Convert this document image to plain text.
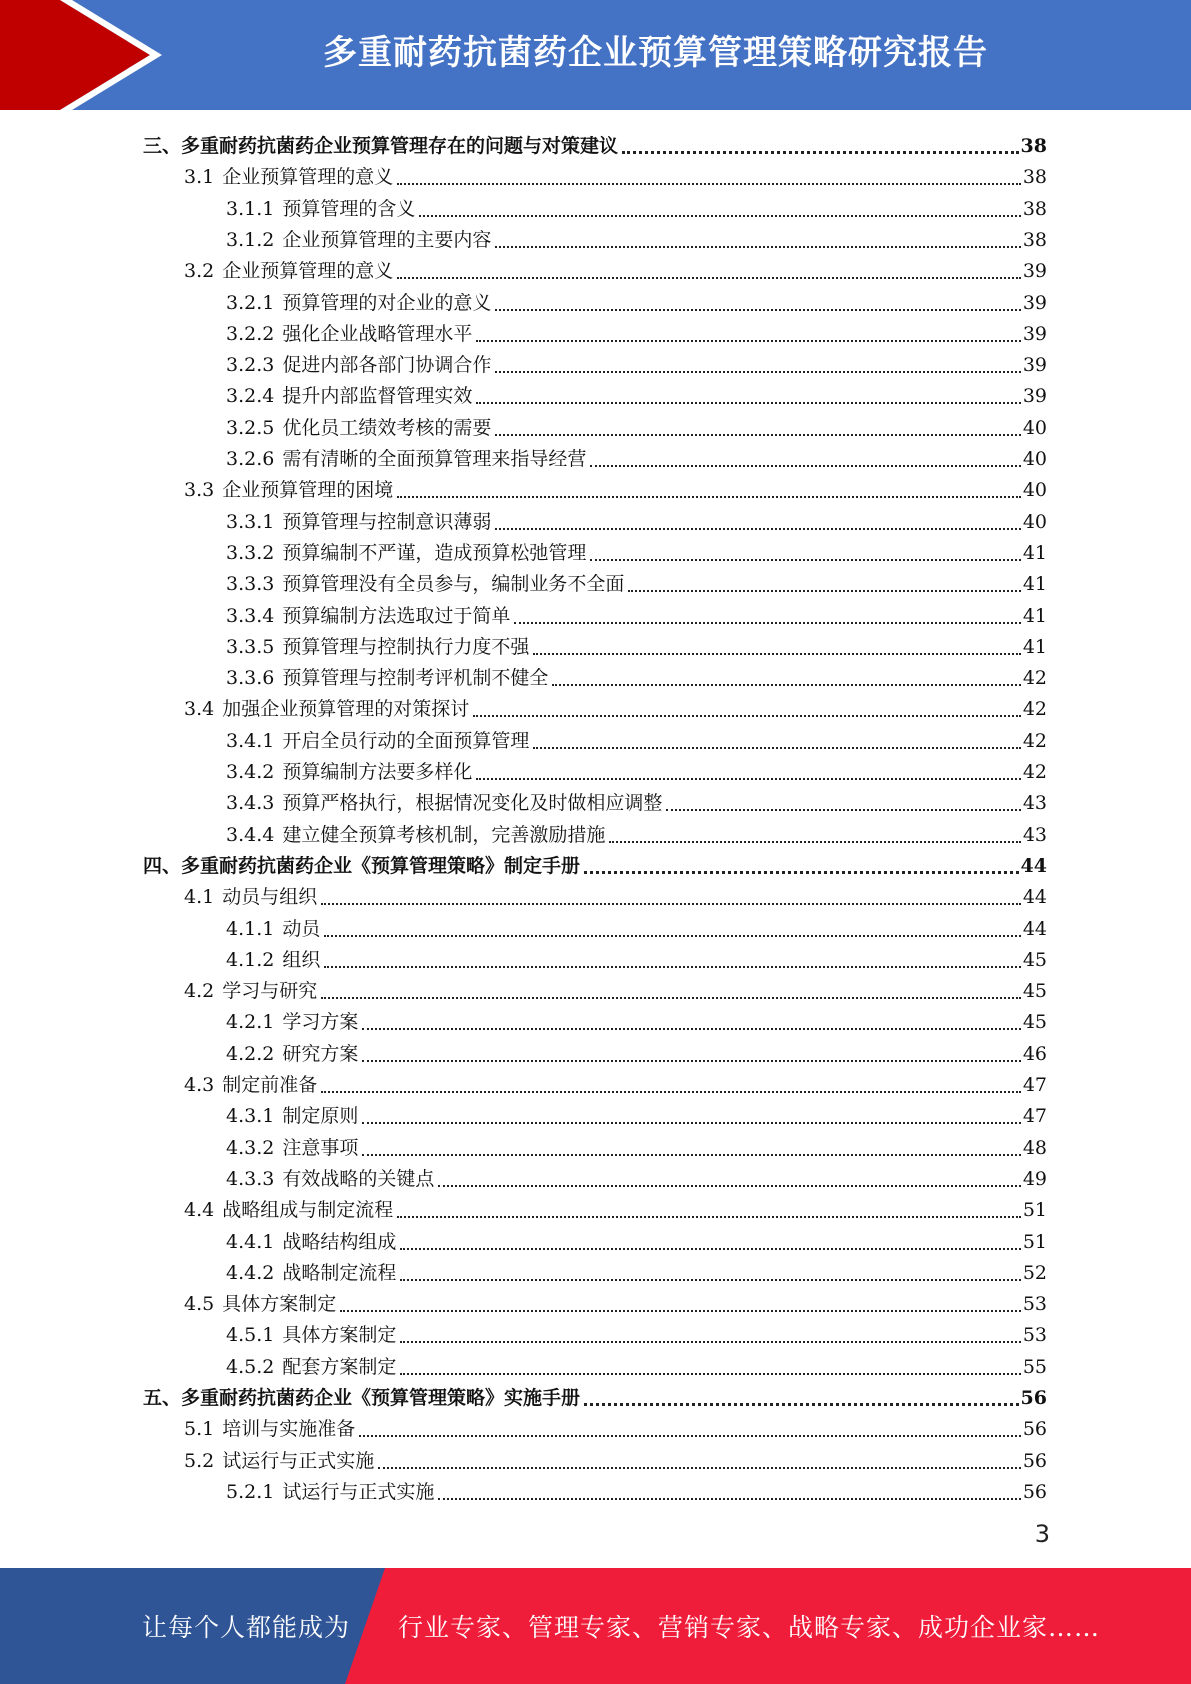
多重耐药抗菌药企业预算管理策略研究报告
三、多重耐药抗菌药企业预算管理存在的问题与对策建议	38
3.1 企业预算管理的意义	38
3.1.1 预算管理的含义	38
3.1.2 企业预算管理的主要内容	38
3.2 企业预算管理的意义	39
3.2.1 预算管理的对企业的意义	39
3.2.2 强化企业战略管理水平	39
3.2.3 促进内部各部门协调合作	39
3.2.4 提升内部监督管理实效	39
3.2.5 优化员工绩效考核的需要	40
3.2.6 需有清晰的全面预算管理来指导经营	40
3.3 企业预算管理的困境	40
3.3.1 预算管理与控制意识薄弱	40
3.3.2 预算编制不严谨，造成预算松弛管理	41
3.3.3 预算管理没有全员参与，编制业务不全面	41
3.3.4 预算编制方法选取过于简单	41
3.3.5 预算管理与控制执行力度不强	41
3.3.6 预算管理与控制考评机制不健全	42
3.4 加强企业预算管理的对策探讨	42
3.4.1 开启全员行动的全面预算管理	42
3.4.2 预算编制方法要多样化	42
3.4.3 预算严格执行，根据情况变化及时做相应调整	43
3.4.4 建立健全预算考核机制，完善激励措施	43
四、多重耐药抗菌药企业《预算管理策略》制定手册	44
4.1 动员与组织	44
4.1.1 动员	44
4.1.2 组织	45
4.2 学习与研究	45
4.2.1 学习方案	45
4.2.2 研究方案	46
4.3 制定前准备	47
4.3.1 制定原则	47
4.3.2 注意事项	48
4.3.3 有效战略的关键点	49
4.4 战略组成与制定流程	51
4.4.1 战略结构组成	51
4.4.2 战略制定流程	52
4.5 具体方案制定	53
4.5.1 具体方案制定	53
4.5.2 配套方案制定	55
五、多重耐药抗菌药企业《预算管理策略》实施手册	56
5.1 培训与实施准备	56
5.2 试运行与正式实施	56
5.2.1 试运行与正式实施	56
3
让每个人都能成为 行业专家、管理专家、营销专家、战略专家、成功企业家……
